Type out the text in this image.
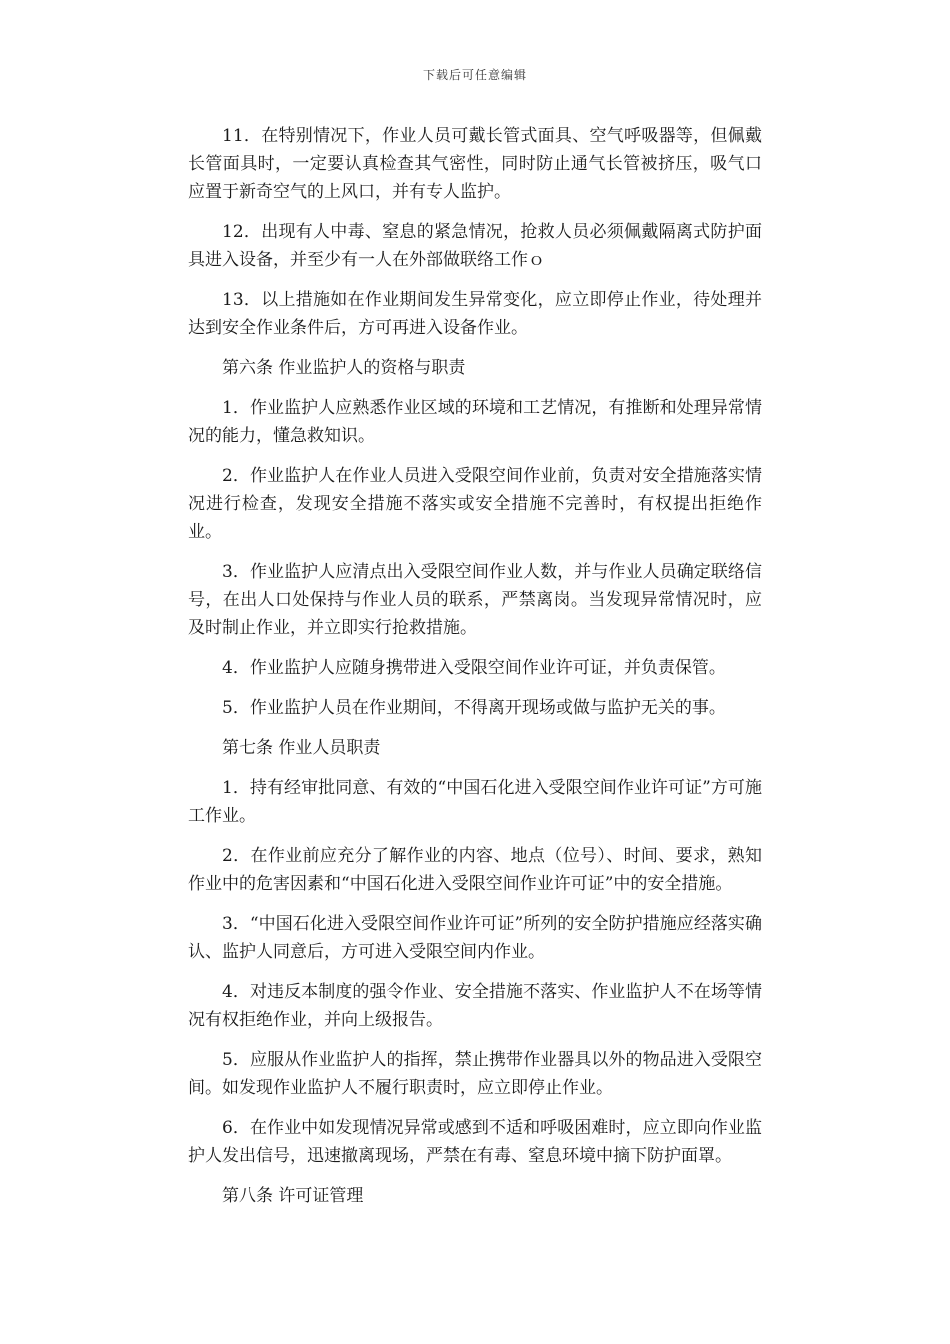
下载后可任意编辑

11．在特别情况下，作业人员可戴长管式面具、空气呼吸器等，但佩戴长管面具时，一定要认真检查其气密性，同时防止通气长管被挤压，吸气口应置于新奇空气的上风口，并有专人监护。

12．出现有人中毒、窒息的紧急情况，抢救人员必须佩戴隔离式防护面具进入设备，并至少有一人在外部做联络工作ｏ

13．以上措施如在作业期间发生异常变化，应立即停止作业，待处理并达到安全作业条件后，方可再进入设备作业。

第六条 作业监护人的资格与职责

1．作业监护人应熟悉作业区域的环境和工艺情况，有推断和处理异常情况的能力，懂急救知识。

2．作业监护人在作业人员进入受限空间作业前，负责对安全措施落实情况进行检查，发现安全措施不落实或安全措施不完善时，有权提出拒绝作业。

3．作业监护人应清点出入受限空间作业人数，并与作业人员确定联络信号，在出人口处保持与作业人员的联系，严禁离岗。当发现异常情况时，应及时制止作业，并立即实行抢救措施。

4．作业监护人应随身携带进入受限空间作业许可证，并负责保管。

5．作业监护人员在作业期间，不得离开现场或做与监护无关的事。

第七条 作业人员职责

1．持有经审批同意、有效的“中国石化进入受限空间作业许可证”方可施工作业。

2．在作业前应充分了解作业的内容、地点（位号）、时间、要求，熟知作业中的危害因素和“中国石化进入受限空间作业许可证”中的安全措施。

3．“中国石化进入受限空间作业许可证”所列的安全防护措施应经落实确认、监护人同意后，方可进入受限空间内作业。

4．对违反本制度的强令作业、安全措施不落实、作业监护人不在场等情况有权拒绝作业，并向上级报告。

5．应服从作业监护人的指挥，禁止携带作业器具以外的物品进入受限空间。如发现作业监护人不履行职责时，应立即停止作业。

6．在作业中如发现情况异常或感到不适和呼吸困难时，应立即向作业监护人发出信号，迅速撤离现场，严禁在有毒、窒息环境中摘下防护面罩。

第八条 许可证管理
